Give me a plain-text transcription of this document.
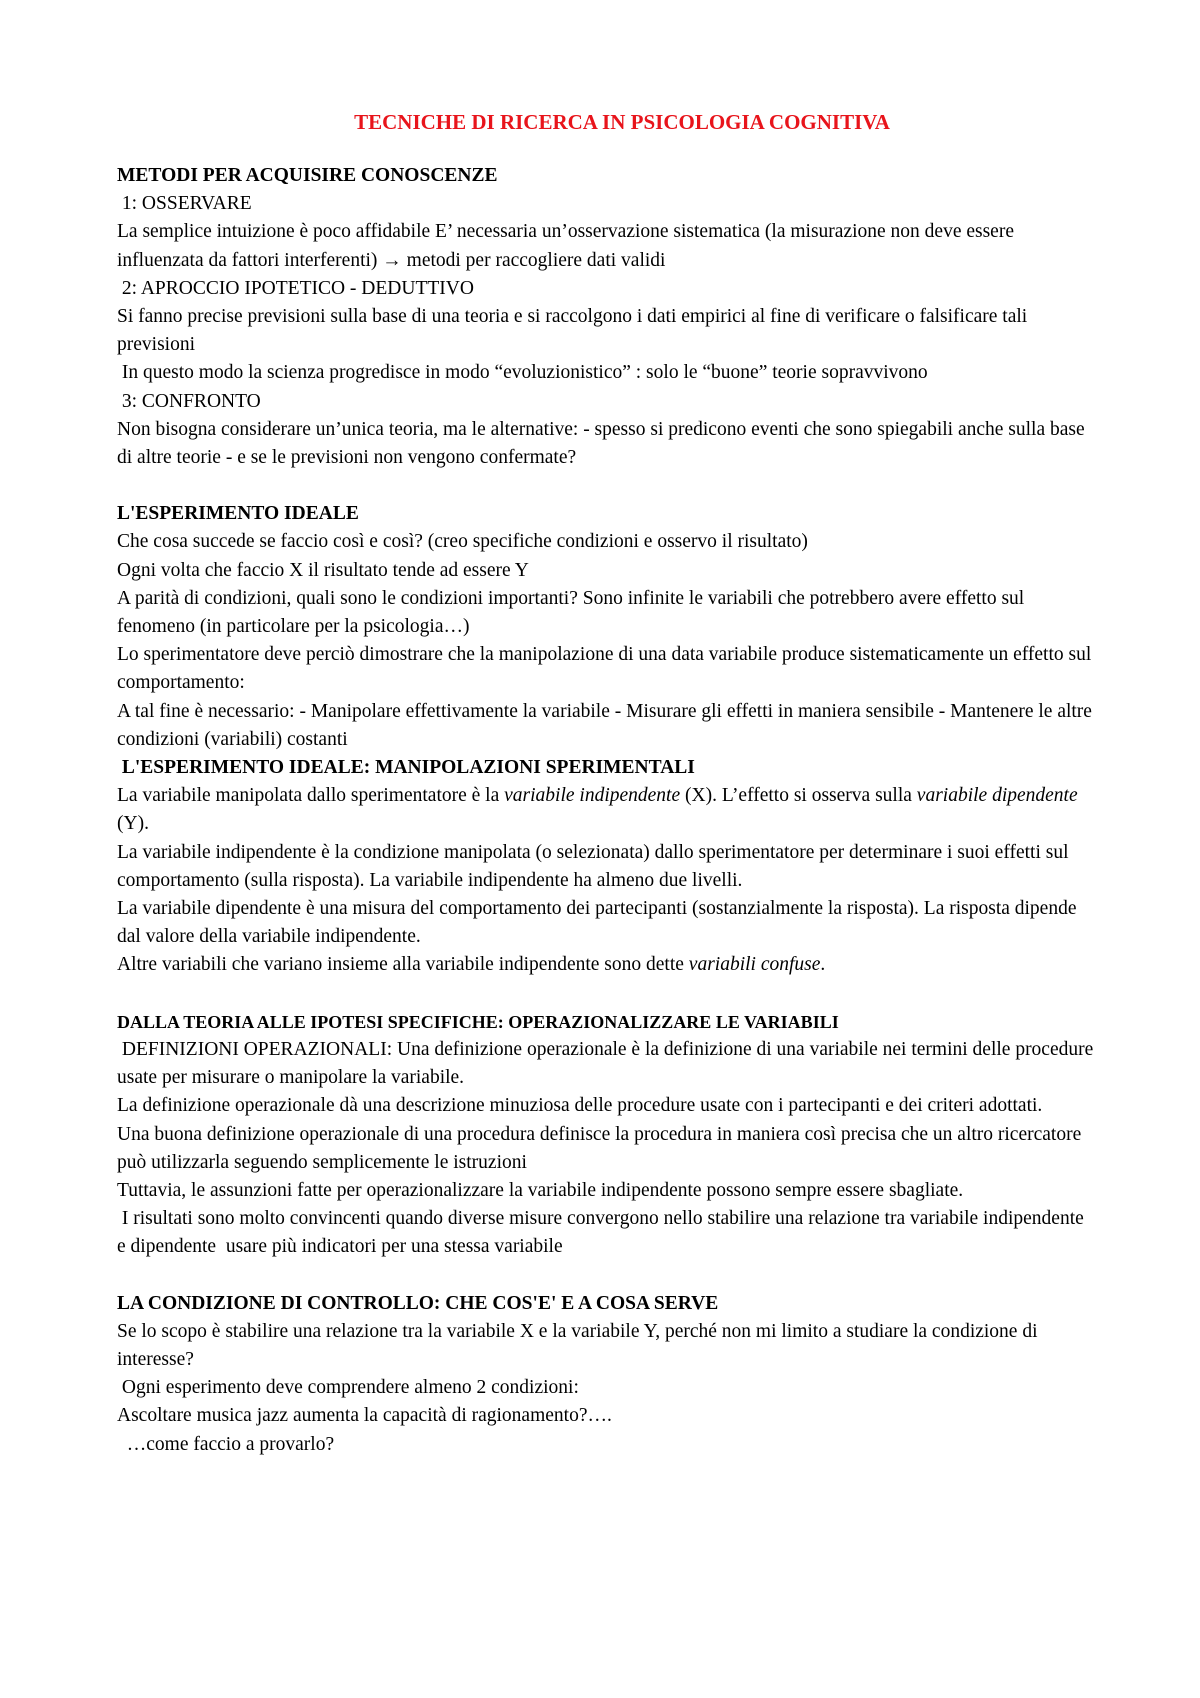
TECNICHE DI RICERCA IN PSICOLOGIA COGNITIVA

METODI PER ACQUISIRE CONOSCENZE

1: OSSERVARE

La semplice intuizione è poco affidabile E’ necessaria un’osservazione sistematica (la misurazione non deve essere influenzata da fattori interferenti) → metodi per raccogliere dati validi

2: APROCCIO IPOTETICO - DEDUTTIVO

Si fanno precise previsioni sulla base di una teoria e si raccolgono i dati empirici al fine di verificare o falsificare tali previsioni

In questo modo la scienza progredisce in modo “evoluzionistico” : solo le “buone” teorie sopravvivono

3: CONFRONTO

Non bisogna considerare un’unica teoria, ma le alternative: - spesso si predicono eventi che sono spiegabili anche sulla base di altre teorie - e se le previsioni non vengono confermate?

L'ESPERIMENTO IDEALE

Che cosa succede se faccio così e così? (creo specifiche condizioni e osservo il risultato)

Ogni volta che faccio X il risultato tende ad essere Y

A parità di condizioni, quali sono le condizioni importanti? Sono infinite le variabili che potrebbero avere effetto sul fenomeno (in particolare per la psicologia…)

Lo sperimentatore deve perciò dimostrare che la manipolazione di una data variabile produce sistematicamente un effetto sul comportamento:

A tal fine è necessario: - Manipolare effettivamente la variabile - Misurare gli effetti in maniera sensibile - Mantenere le altre condizioni (variabili) costanti

L'ESPERIMENTO IDEALE: MANIPOLAZIONI SPERIMENTALI

La variabile manipolata dallo sperimentatore è la variabile indipendente (X). L’effetto si osserva sulla variabile dipendente (Y).

La variabile indipendente è la condizione manipolata (o selezionata) dallo sperimentatore per determinare i suoi effetti sul comportamento (sulla risposta). La variabile indipendente ha almeno due livelli.

La variabile dipendente è una misura del comportamento dei partecipanti (sostanzialmente la risposta). La risposta dipende dal valore della variabile indipendente.

Altre variabili che variano insieme alla variabile indipendente sono dette variabili confuse.

DALLA TEORIA ALLE IPOTESI SPECIFICHE: OPERAZIONALIZZARE LE VARIABILI

DEFINIZIONI OPERAZIONALI: Una definizione operazionale è la definizione di una variabile nei termini delle procedure usate per misurare o manipolare la variabile.

La definizione operazionale dà una descrizione minuziosa delle procedure usate con i partecipanti e dei criteri adottati.

Una buona definizione operazionale di una procedura definisce la procedura in maniera così precisa che un altro ricercatore può utilizzarla seguendo semplicemente le istruzioni

Tuttavia, le assunzioni fatte per operazionalizzare la variabile indipendente possono sempre essere sbagliate.

I risultati sono molto convincenti quando diverse misure convergono nello stabilire una relazione tra variabile indipendente e dipendente  usare più indicatori per una stessa variabile

LA CONDIZIONE DI CONTROLLO: CHE COS'E' E A COSA SERVE

Se lo scopo è stabilire una relazione tra la variabile X e la variabile Y, perché non mi limito a studiare la condizione di interesse?

Ogni esperimento deve comprendere almeno 2 condizioni:

Ascoltare musica jazz aumenta la capacità di ragionamento?….

…come faccio a provarlo?
